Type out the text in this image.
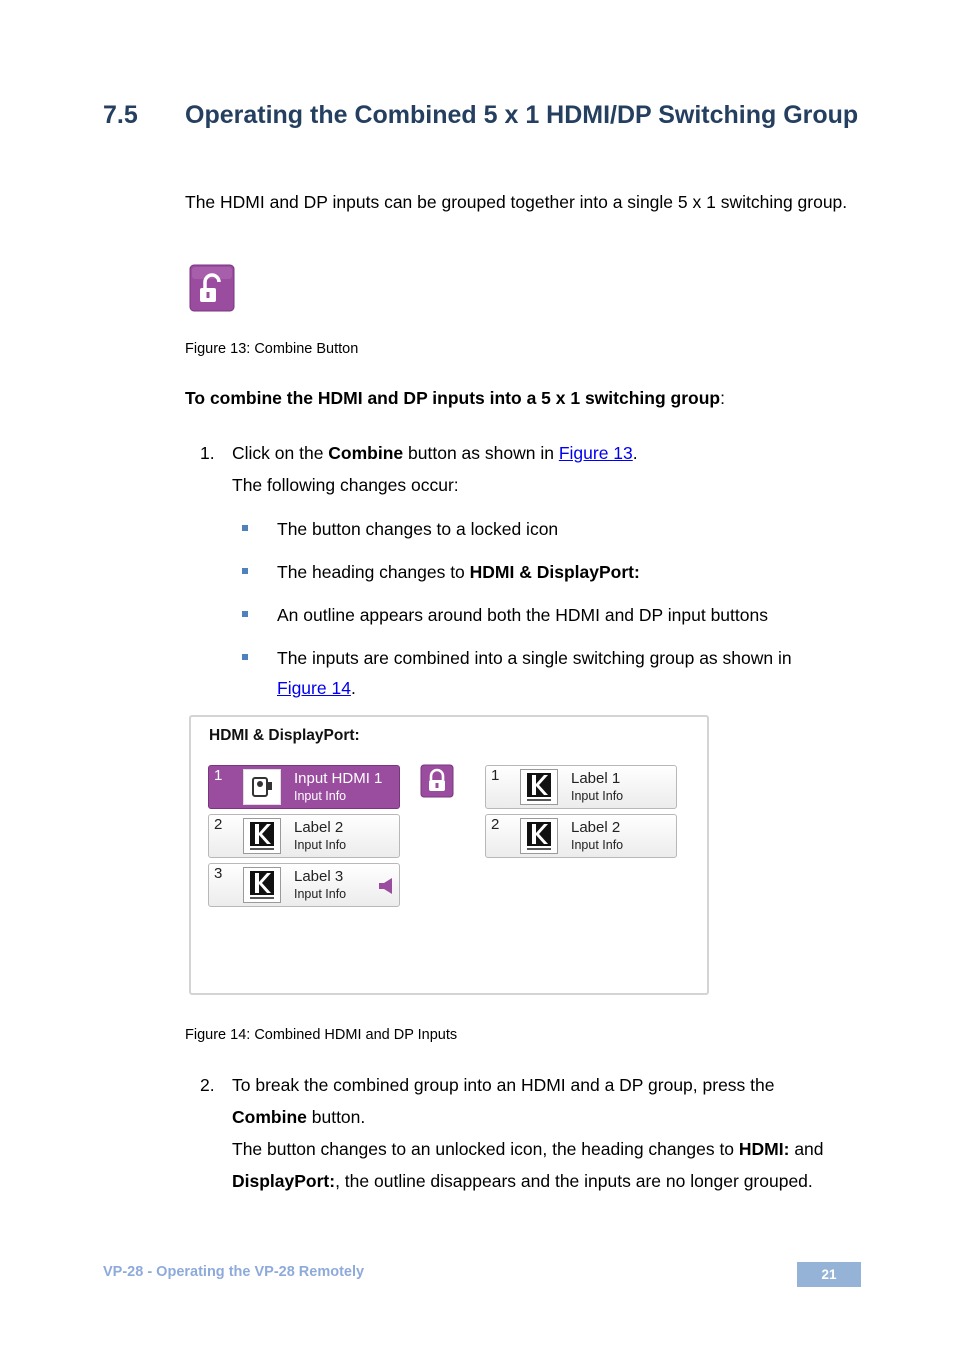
7.5 Operating the Combined 5 x 1 HDMI/DP Switching Group
The HDMI and DP inputs can be grouped together into a single 5 x 1 switching group.
Figure 13: Combine Button
To combine the HDMI and DP inputs into a 5 x 1 switching group:
1. Click on the Combine button as shown in Figure 13.
The following changes occur:
The button changes to a locked icon
The heading changes to HDMI & DisplayPort:
An outline appears around both the HDMI and DP input buttons
The inputs are combined into a single switching group as shown in
Figure 14.
HDMI & DisplayPort:
1	Input HDMI 1
Input Info
2	Label 2
Input Info
3	Label 3
Input Info
1	Label 1
Input Info
2	Label 2
Input Info
Figure 14: Combined HDMI and DP Inputs
2. To break the combined group into an HDMI and a DP group, press the
Combine button.
The button changes to an unlocked icon, the heading changes to HDMI: and
DisplayPort:, the outline disappears and the inputs are no longer grouped.
VP-28 - Operating the VP-28 Remotely	21
